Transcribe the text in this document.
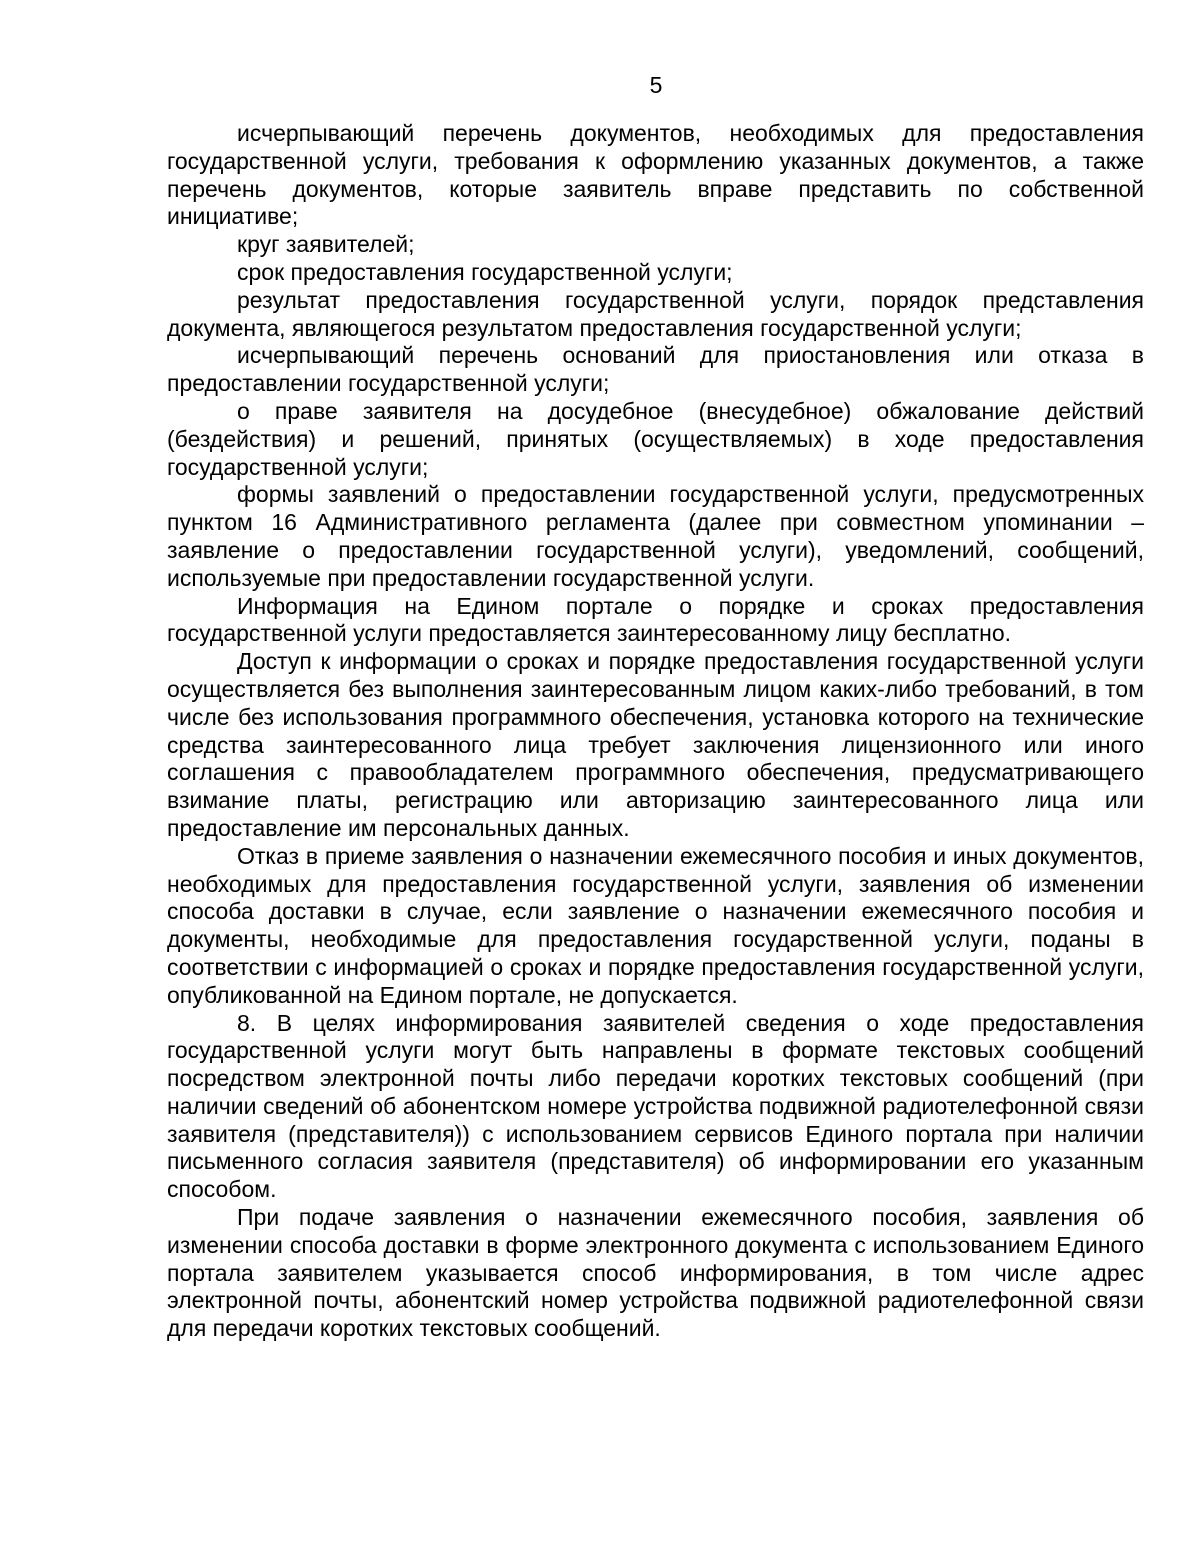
5

исчерпывающий перечень документов, необходимых для предоставления государственной услуги, требования к оформлению указанных документов, а также перечень документов, которые заявитель вправе представить по собственной инициативе;

круг заявителей;

срок предоставления государственной услуги;

результат предоставления государственной услуги, порядок представления документа, являющегося результатом предоставления государственной услуги;

исчерпывающий перечень оснований для приостановления или отказа в предоставлении государственной услуги;

о праве заявителя на досудебное (внесудебное) обжалование действий (бездействия) и решений, принятых (осуществляемых) в ходе предоставления государственной услуги;

формы заявлений о предоставлении государственной услуги, предусмотренных пунктом 16 Административного регламента (далее при совместном упоминании – заявление о предоставлении государственной услуги), уведомлений, сообщений, используемые при предоставлении государственной услуги.

Информация на Едином портале о порядке и сроках предоставления государственной услуги предоставляется заинтересованному лицу бесплатно.

Доступ к информации о сроках и порядке предоставления государственной услуги осуществляется без выполнения заинтересованным лицом каких-либо требований, в том числе без использования программного обеспечения, установка которого на технические средства заинтересованного лица требует заключения лицензионного или иного соглашения с правообладателем программного обеспечения, предусматривающего взимание платы, регистрацию или авторизацию заинтересованного лица или предоставление им персональных данных.

Отказ в приеме заявления о назначении ежемесячного пособия и иных документов, необходимых для предоставления государственной услуги, заявления об изменении способа доставки в случае, если заявление о назначении ежемесячного пособия и документы, необходимые для предоставления государственной услуги, поданы в соответствии с информацией о сроках и порядке предоставления государственной услуги, опубликованной на Едином портале, не допускается.

8. В целях информирования заявителей сведения о ходе предоставления государственной услуги могут быть направлены в формате текстовых сообщений посредством электронной почты либо передачи коротких текстовых сообщений (при наличии сведений об абонентском номере устройства подвижной радиотелефонной связи заявителя (представителя)) с использованием сервисов Единого портала при наличии письменного согласия заявителя (представителя) об информировании его указанным способом.

При подаче заявления о назначении ежемесячного пособия, заявления об изменении способа доставки в форме электронного документа с использованием Единого портала заявителем указывается способ информирования, в том числе адрес электронной почты, абонентский номер устройства подвижной радиотелефонной связи для передачи коротких текстовых сообщений.
